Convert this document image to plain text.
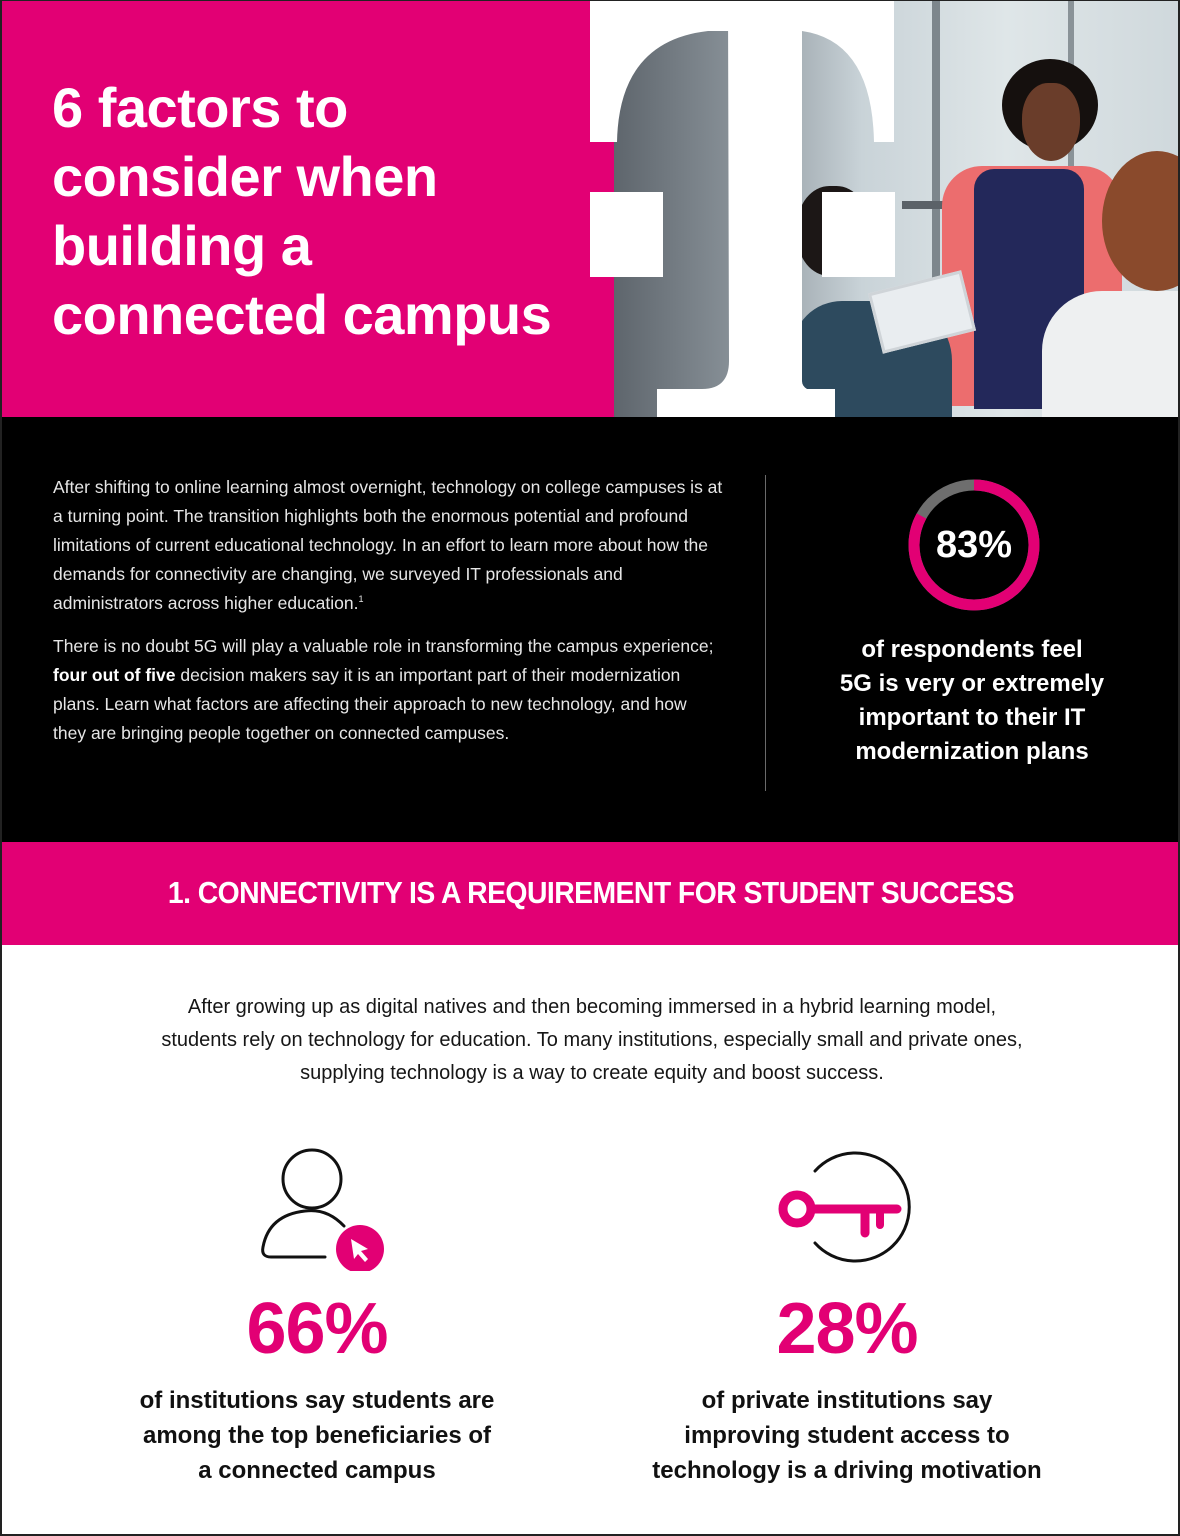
6 factors to
consider when
building a
connected campus

After shifting to online learning almost overnight, technology on college campuses is at a turning point. The transition highlights both the enormous potential and profound limitations of current educational technology. In an effort to learn more about how the demands for connectivity are changing, we surveyed IT professionals and administrators across higher education.$^1$

There is no doubt 5G will play a valuable role in transforming the campus experience; four out of five decision makers say it is an important part of their modernization plans. Learn what factors are affecting their approach to new technology, and how they are bringing people together on connected campuses.

83%
of respondents feel
5G is very or extremely
important to their IT
modernization plans
1. CONNECTIVITY IS A REQUIREMENT FOR STUDENT SUCCESS
After growing up as digital natives and then becoming immersed in a hybrid learning model,
students rely on technology for education. To many institutions, especially small and private ones,
supplying technology is a way to create equity and boost success.
66%
of institutions say students are
among the top beneficiaries of
a connected campus
28%
of private institutions say
improving student access to
technology is a driving motivation
